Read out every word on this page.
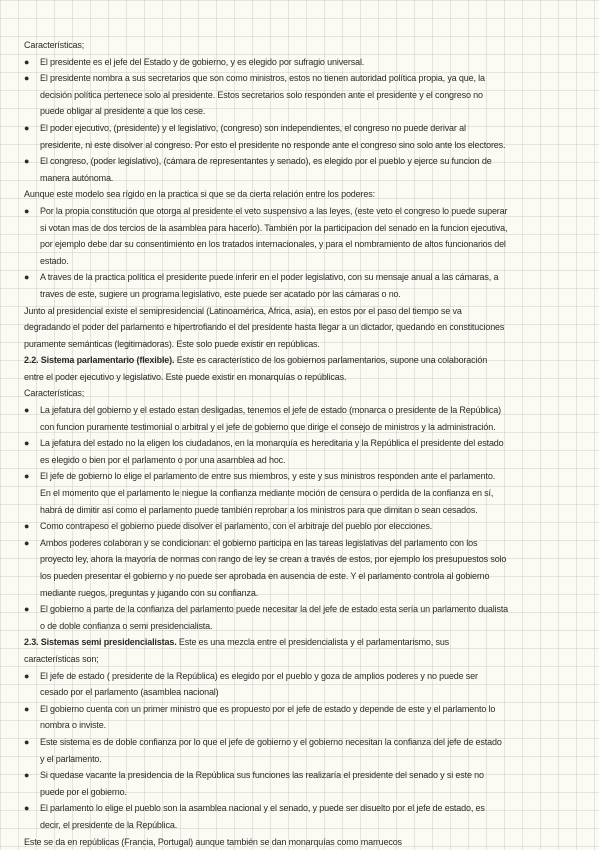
Características;
●	El presidente es el jefe del Estado y de gobierno, y es elegido por sufragio universal.
●	El presidente nombra a sus secretarios que son como ministros, estos no tienen autoridad política propia, ya que, la
decisión política pertenece solo al presidente. Estos secretarios solo responden ante el presidente y el congreso no
puede obligar al presidente a que los cese.
●	El poder ejecutivo, (presidente) y el legislativo, (congreso) son independientes, el congreso no puede derivar al
presidente, ni este disolver al congreso. Por esto el presidente no responde ante el congreso sino solo ante los electores.
●	El congreso, (poder legislativo), (cámara de representantes y senado), es elegido por el pueblo y ejerce su funcion de
manera autónoma.
Aunque este modelo sea rígido en la practica si que se da cierta relación entre los poderes:
●	Por la propia constitución que otorga al presidente el veto suspensivo a las leyes, (este veto el congreso lo puede superar
si votan mas de dos tercios de la asamblea para hacerlo). También por la participacion del senado en la funcion ejecutiva,
por ejemplo debe dar su consentimiento en los tratados internacionales, y para el nombramiento de altos funcionarios del
estado.
●	A traves de la practica política el presidente puede inferir en el poder legislativo, con su mensaje anual a las cámaras, a
traves de este, sugiere un programa legislativo, este puede ser acatado por las cámaras o no.
Junto al presidencial existe el semipresidencial (Latinoamérica, Africa, asia), en estos por el paso del tiempo se va
degradando el poder del parlamento e hipertrofiando el del presidente hasta llegar a un dictador, quedando en constituciones
puramente semánticas (legitimadoras). Este solo puede existir en repúblicas.
2.2. Sistema parlamentario (flexible). Este es característico de los gobiernos parlamentarios, supone una colaboración
entre el poder ejecutivo y legislativo. Este puede existir en monarquías o repúblicas.
Características;
●	La jefatura del gobierno y el estado estan desligadas, tenemos el jefe de estado (monarca o presidente de la República)
con funcion puramente testimonial o arbitral y el jefe de gobierno que dirige el consejo de ministros y la administración.
●	La jefatura del estado no la eligen los ciudadanos, en la monarquía es hereditaria y la República el presidente del estado
es elegido o bien por el parlamento o por una asamblea ad hoc.
●	El jefe de gobierno lo elige el parlamento de entre sus miembros, y este y sus ministros responden ante el parlamento.
En el momento que el parlamento le niegue la confianza mediante moción de censura o perdida de la confianza en sí,
habrá de dimitir así como el parlamento puede también reprobar a los ministros para que dimitan o sean cesados.
●	Como contrapeso el gobierno puede disolver el parlamento, con el arbitraje del pueblo por elecciones.
●	Ambos poderes colaboran y se condicionan: el gobierno participa en las tareas legislativas del parlamento con los
proyecto ley, ahora la mayoría de normas con rango de ley se crean a través de estos, por ejemplo los presupuestos solo
los pueden presentar el gobierno y no puede ser aprobada en ausencia de este. Y el parlamento controla al gobierno
mediante ruegos, preguntas y jugando con su confianza.
●	El gobierno a parte de la confianza del parlamento puede necesitar la del jefe de estado esta sería un parlamento dualista
o de doble confianza o semi presidencialista.
2.3. Sistemas semi presidencialistas. Este es una mezcla entre el presidencialista y el parlamentarismo, sus
características son;
●	El jefe de estado ( presidente de la República) es elegido por el pueblo y goza de amplios poderes y no puede ser
cesado por el parlamento (asamblea nacional)
●	El gobierno cuenta con un primer ministro que es propuesto por el jefe de estado y depende de este y el parlamento lo
nombra o inviste.
●	Este sistema es de doble confianza por lo que el jefe de gobierno y el gobierno necesitan la confianza del jefe de estado
y el parlamento.
●	Si quedase vacante la presidencia de la República sus funciones las realizaría el presidente del senado y si este no
puede por el gobierno.
●	El parlamento lo elige el pueblo son la asamblea nacional y el senado, y puede ser disuelto por el jefe de estado, es
decir, el presidente de la República.
Este se da en repúblicas (Francia, Portugal) aunque también se dan monarquías como marruecos
